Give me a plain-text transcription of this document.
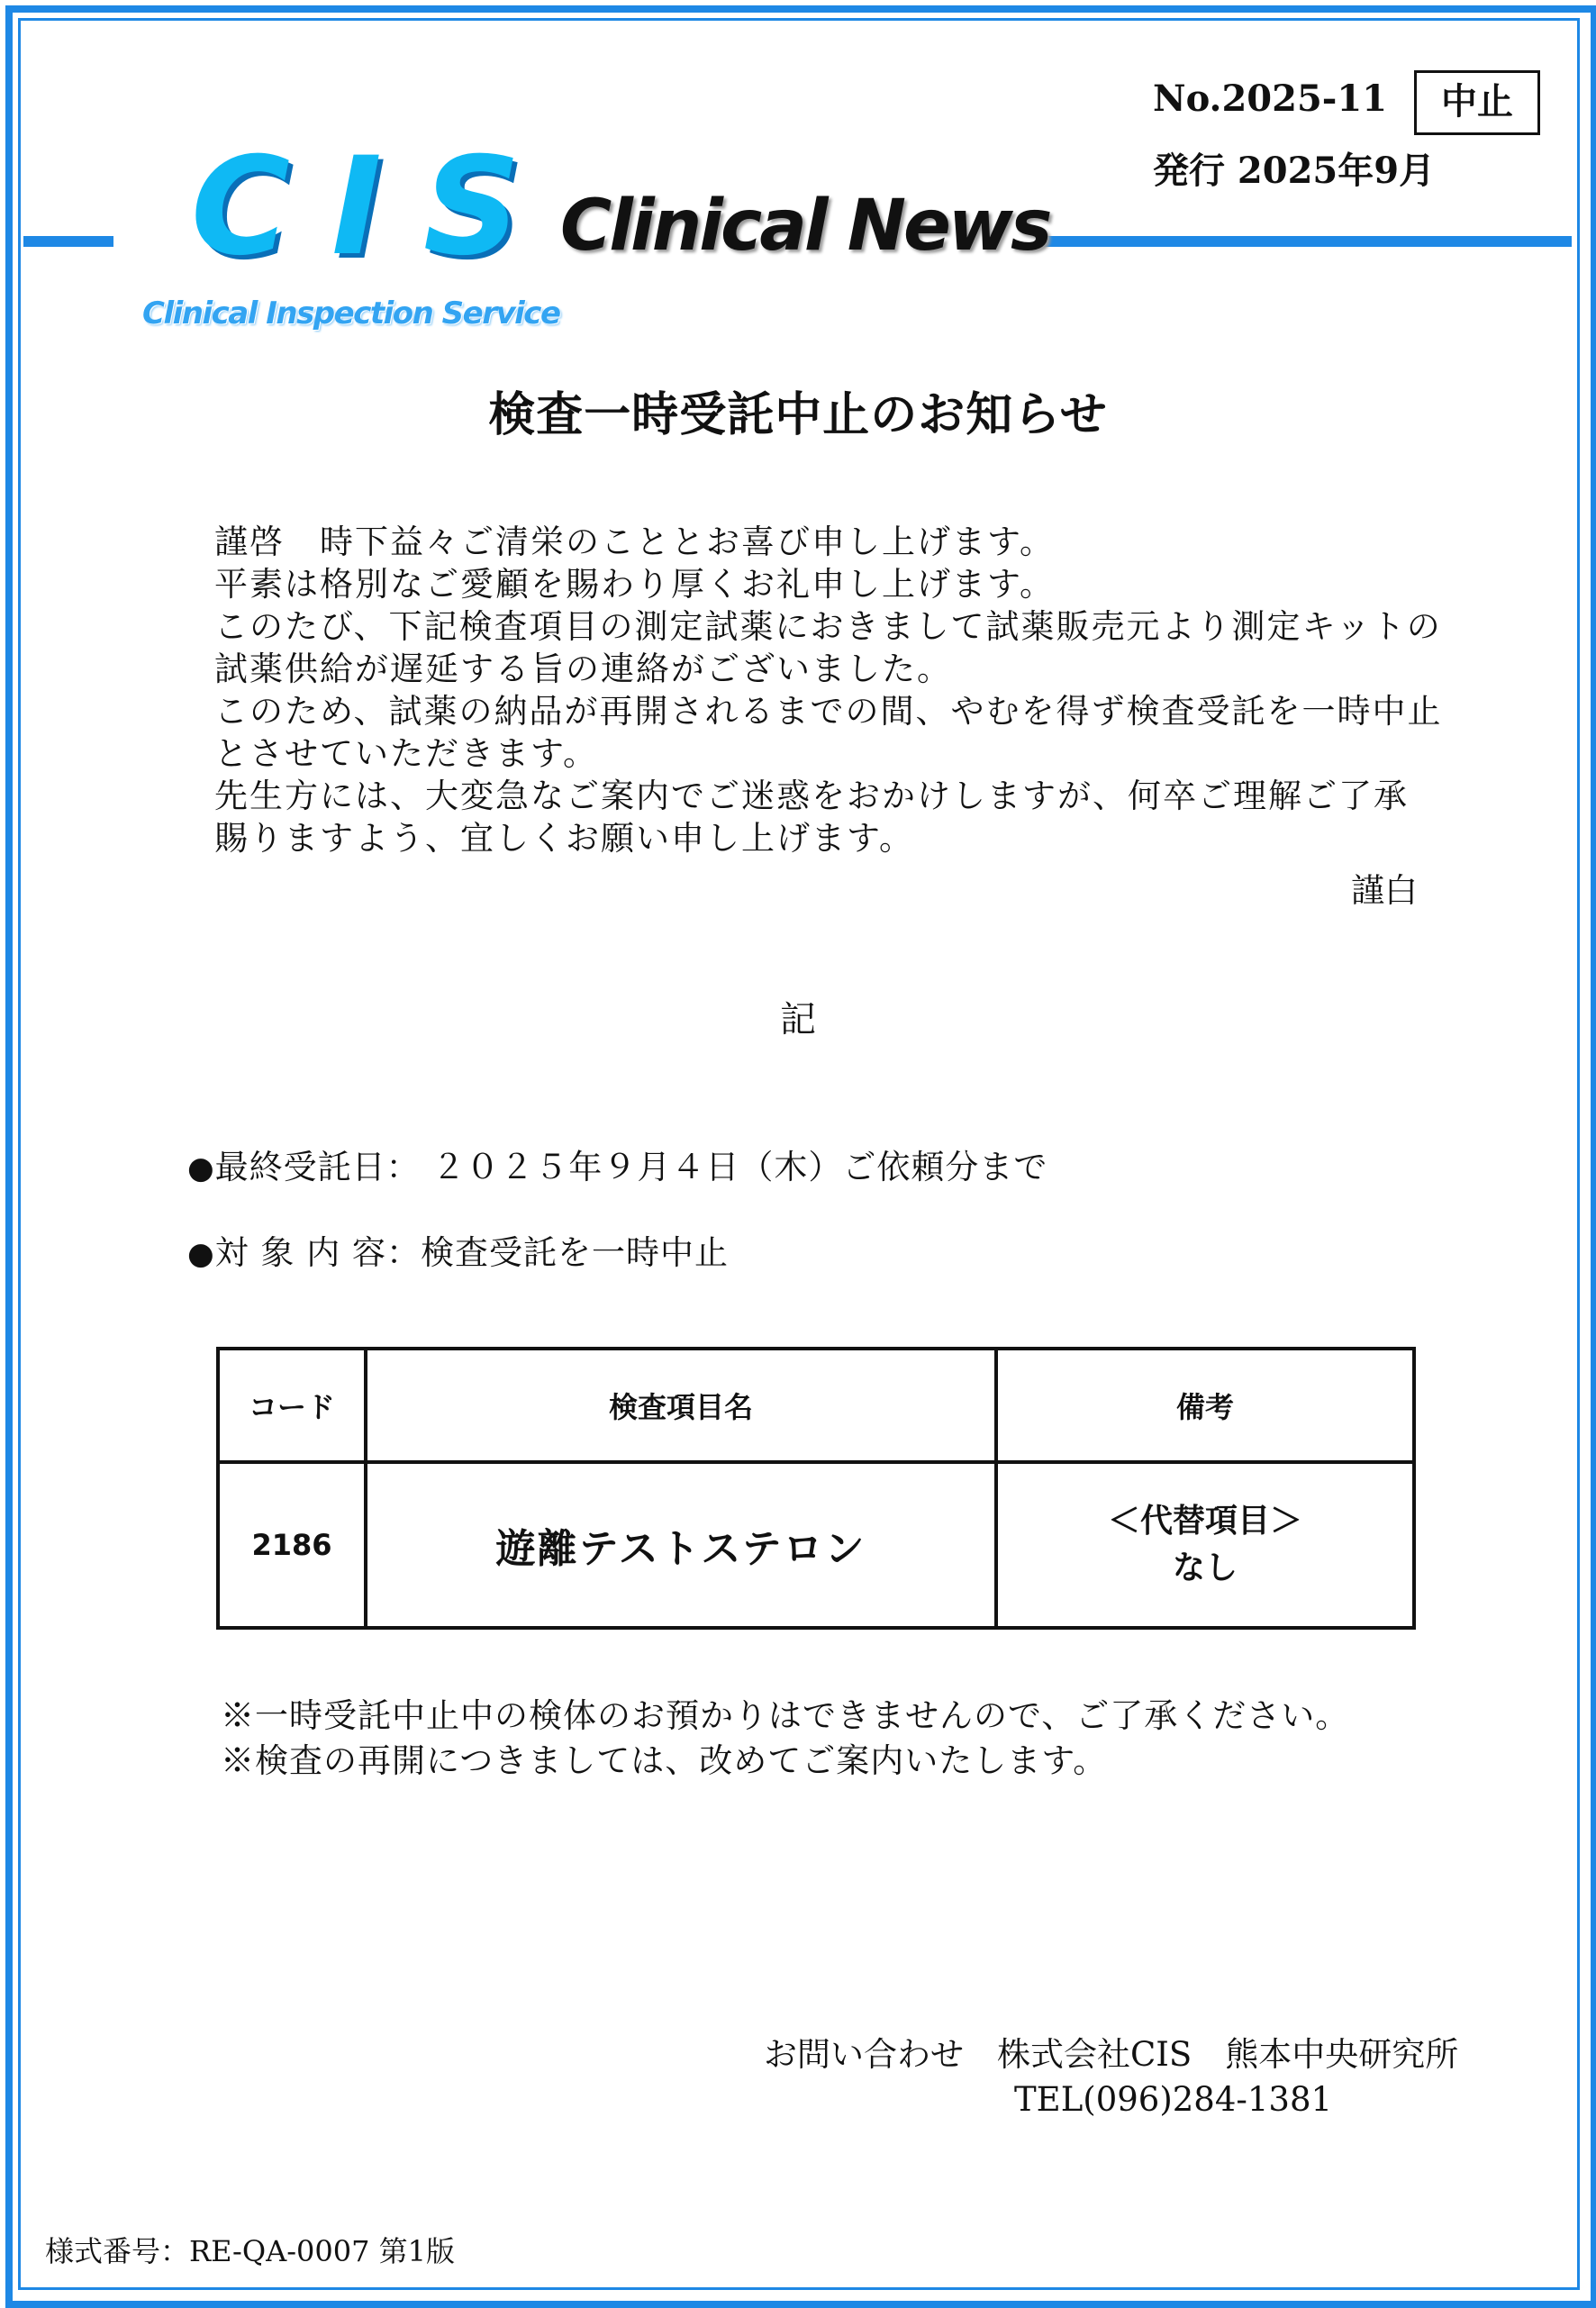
CIS
Clinical Inspection Service
Clinical News
No.2025-11	中止
発行 2025年9月
検査一時受託中止のお知らせ
謹啓　時下益々ご清栄のこととお喜び申し上げます。
平素は格別なご愛顧を賜わり厚くお礼申し上げます。
このたび、下記検査項目の測定試薬におきまして試薬販売元より測定キットの
試薬供給が遅延する旨の連絡がございました。
このため、試薬の納品が再開されるまでの間、やむを得ず検査受託を一時中止
とさせていただきます。
先生方には、大変急なご案内でご迷惑をおかけしますが、何卒ご理解ご了承
賜りますよう、宜しくお願い申し上げます。
謹白
記
●最終受託日： ２０２５年９月４日（木）ご依頼分まで
●対 象 内 容：検査受託を一時中止
コード	検査項目名	備考
2186	遊離テストステロン	＜代替項目＞
なし
※一時受託中止中の検体のお預かりはできませんので、ご了承ください。
※検査の再開につきましては、改めてご案内いたします。
お問い合わせ　 株式会社CIS　熊本中央研究所
TEL(096)284-1381
様式番号：RE-QA-0007 第1版
